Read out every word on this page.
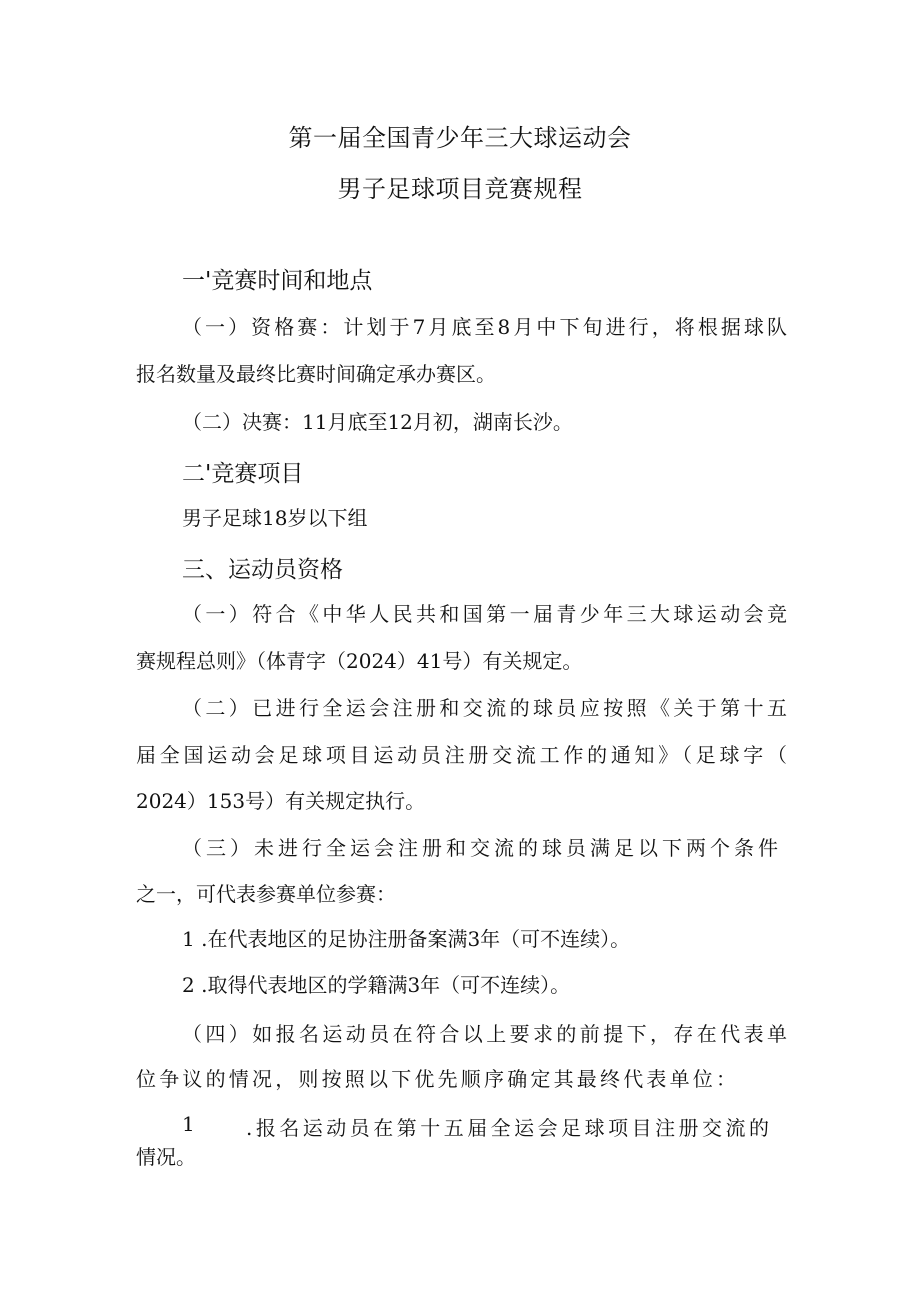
第一届全国青少年三大球运动会
男子足球项目竞赛规程
一'竞赛时间和地点
（一）资格赛：计划于7月底至8月中下旬进行，将根据球队
报名数量及最终比赛时间确定承办赛区。
（二）决赛：11月底至12月初，湖南长沙。
二'竞赛项目
男子足球18岁以下组
三、运动员资格
（一）符合《中华人民共和国第一届青少年三大球运动会竞
赛规程总则》（体青字（2024）41号）有关规定。
（二）已进行全运会注册和交流的球员应按照《关于第十五
届全国运动会足球项目运动员注册交流工作的通知》（足球字（
2024）153号）有关规定执行。
（三）未进行全运会注册和交流的球员满足以下两个条件
之一，可代表参赛单位参赛：
1 .在代表地区的足协注册备案满3年（可不连续）。
2 .取得代表地区的学籍满3年（可不连续）。
（四）如报名运动员在符合以上要求的前提下，存在代表单
位争议的情况，则按照以下优先顺序确定其最终代表单位：
1	.报名运动员在第十五届全运会足球项目注册交流的
情况。
